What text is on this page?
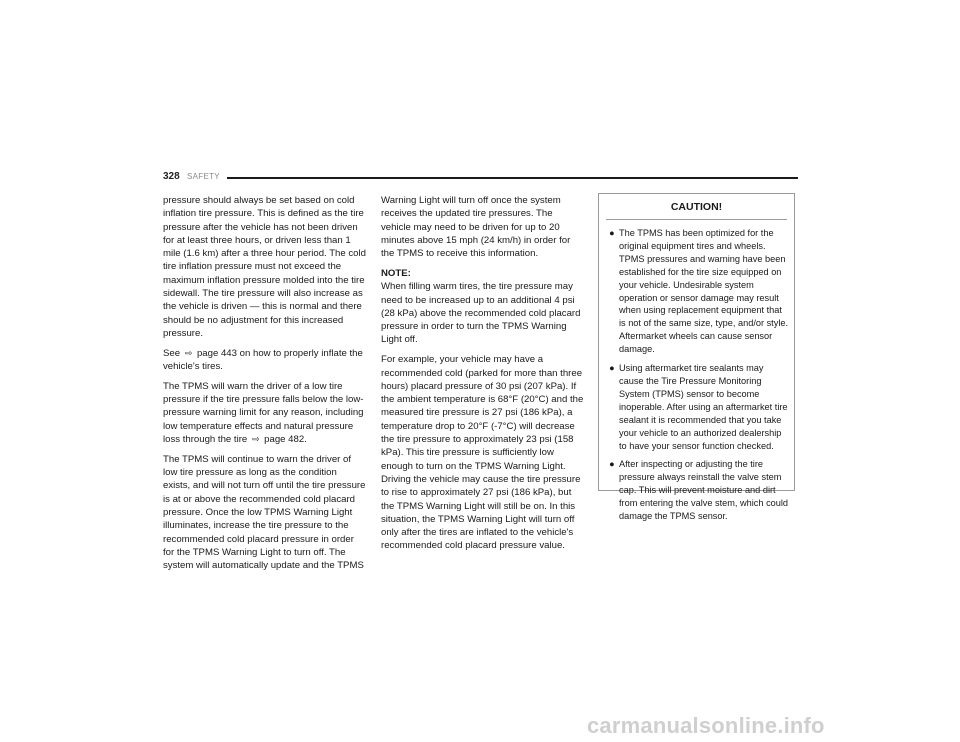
328 SAFETY

pressure should always be set based on cold inflation tire pressure. This is defined as the tire pressure after the vehicle has not been driven for at least three hours, or driven less than 1 mile (1.6 km) after a three hour period. The cold tire inflation pressure must not exceed the maximum inflation pressure molded into the tire sidewall. The tire pressure will also increase as the vehicle is driven — this is normal and there should be no adjustment for this increased pressure.

See ⇨ page 443 on how to properly inflate the vehicle's tires.

The TPMS will warn the driver of a low tire pressure if the tire pressure falls below the low-pressure warning limit for any reason, including low temperature effects and natural pressure loss through the tire ⇨ page 482.

The TPMS will continue to warn the driver of low tire pressure as long as the condition exists, and will not turn off until the tire pressure is at or above the recommended cold placard pressure. Once the low TPMS Warning Light illuminates, increase the tire pressure to the recommended cold placard pressure in order for the TPMS Warning Light to turn off. The system will automatically update and the TPMS

Warning Light will turn off once the system receives the updated tire pressures. The vehicle may need to be driven for up to 20 minutes above 15 mph (24 km/h) in order for the TPMS to receive this information.

NOTE:

When filling warm tires, the tire pressure may need to be increased up to an additional 4 psi (28 kPa) above the recommended cold placard pressure in order to turn the TPMS Warning Light off.

For example, your vehicle may have a recommended cold (parked for more than three hours) placard pressure of 30 psi (207 kPa). If the ambient temperature is 68°F (20°C) and the measured tire pressure is 27 psi (186 kPa), a temperature drop to 20°F (-7°C) will decrease the tire pressure to approximately 23 psi (158 kPa). This tire pressure is sufficiently low enough to turn on the TPMS Warning Light. Driving the vehicle may cause the tire pressure to rise to approximately 27 psi (186 kPa), but the TPMS Warning Light will still be on. In this situation, the TPMS Warning Light will turn off only after the tires are inflated to the vehicle's recommended cold placard pressure value.

CAUTION!
● The TPMS has been optimized for the original equipment tires and wheels. TPMS pressures and warning have been established for the tire size equipped on your vehicle. Undesirable system operation or sensor damage may result when using replacement equipment that is not of the same size, type, and/or style. Aftermarket wheels can cause sensor damage.
● Using aftermarket tire sealants may cause the Tire Pressure Monitoring System (TPMS) sensor to become inoperable. After using an aftermarket tire sealant it is recommended that you take your vehicle to an authorized dealership to have your sensor function checked.
● After inspecting or adjusting the tire pressure always reinstall the valve stem cap. This will prevent moisture and dirt from entering the valve stem, which could damage the TPMS sensor.
carmanualsonline.info
